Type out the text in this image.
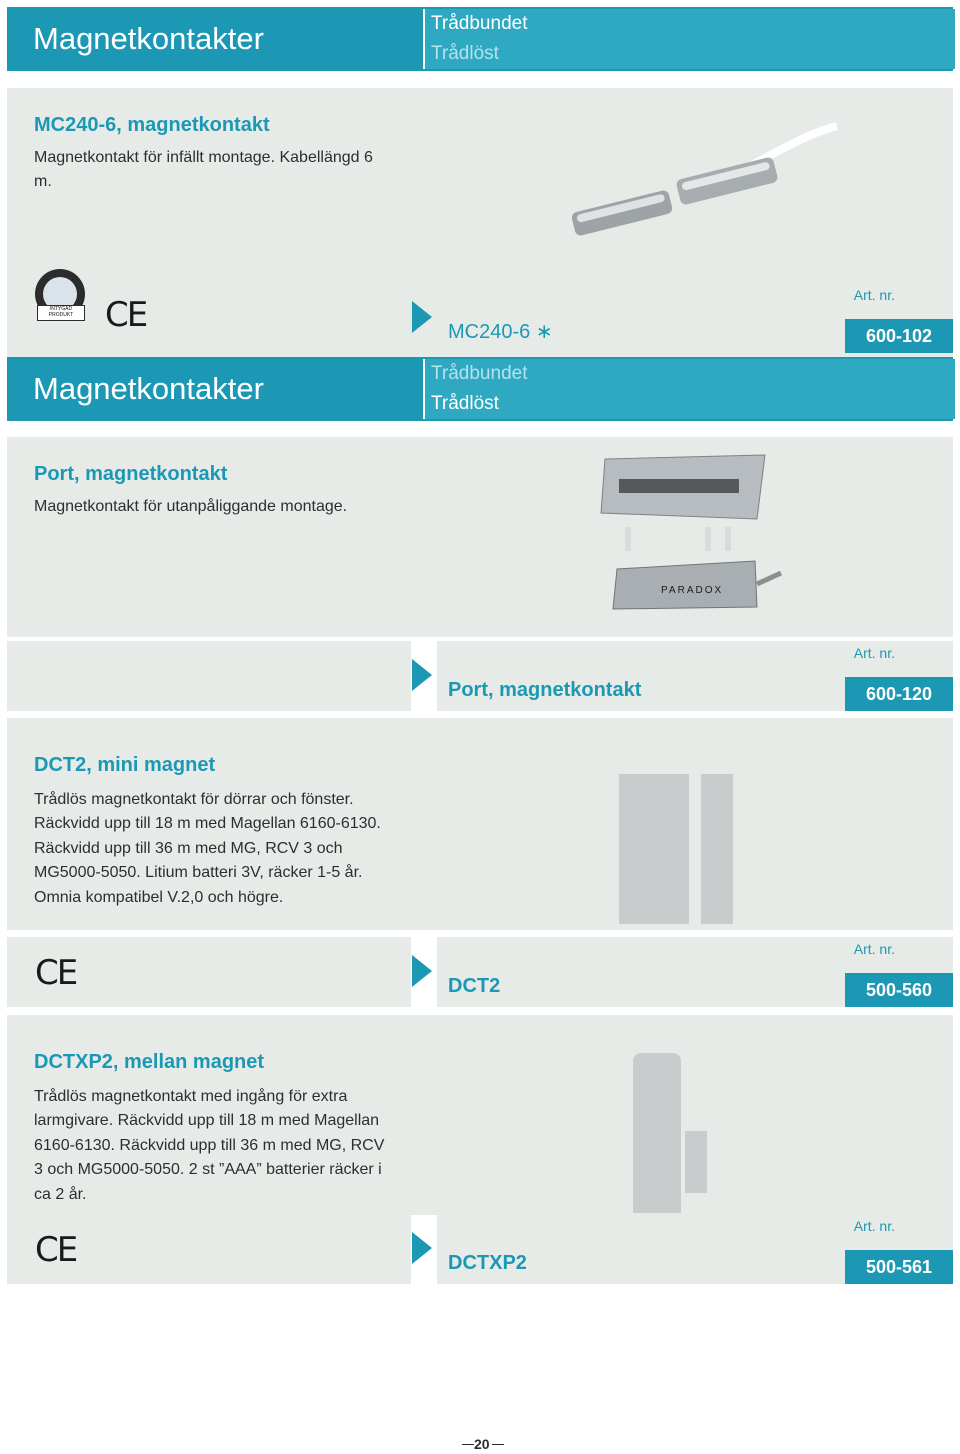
Magnetkontakter	Trådbundet
Trådlöst
MC240-6, magnetkontakt
Magnetkontakt för infällt montage. Kabellängd 6 m.
INTYGAD
PRODUKT CE	MC240-6 ∗
Art. nr.
600-102
Magnetkontakter	Trådbundet
Trådlöst
Port, magnetkontakt
Magnetkontakt för utanpåliggande montage.
PARADOX
Port, magnetkontakt
Art. nr.
600-120
DCT2, mini magnet
Trådlös magnetkontakt för dörrar och fönster. Räckvidd upp till 18 m med Magellan 6160-6130. Räckvidd upp till 36 m med MG, RCV 3 och MG5000-5050. Litium batteri 3V, räcker 1-5 år. Omnia kompatibel V.2,0 och högre.
CE	DCT2
Art. nr.
500-560
DCTXP2, mellan magnet
Trådlös magnetkontakt med ingång för extra larmgivare. Räckvidd upp till 18 m med Magellan 6160-6130. Räckvidd upp till 36 m med MG, RCV 3 och MG5000-5050. 2 st ”AAA” batterier räcker i ca 2 år.
CE	DCTXP2
Art. nr.
500-561
20
